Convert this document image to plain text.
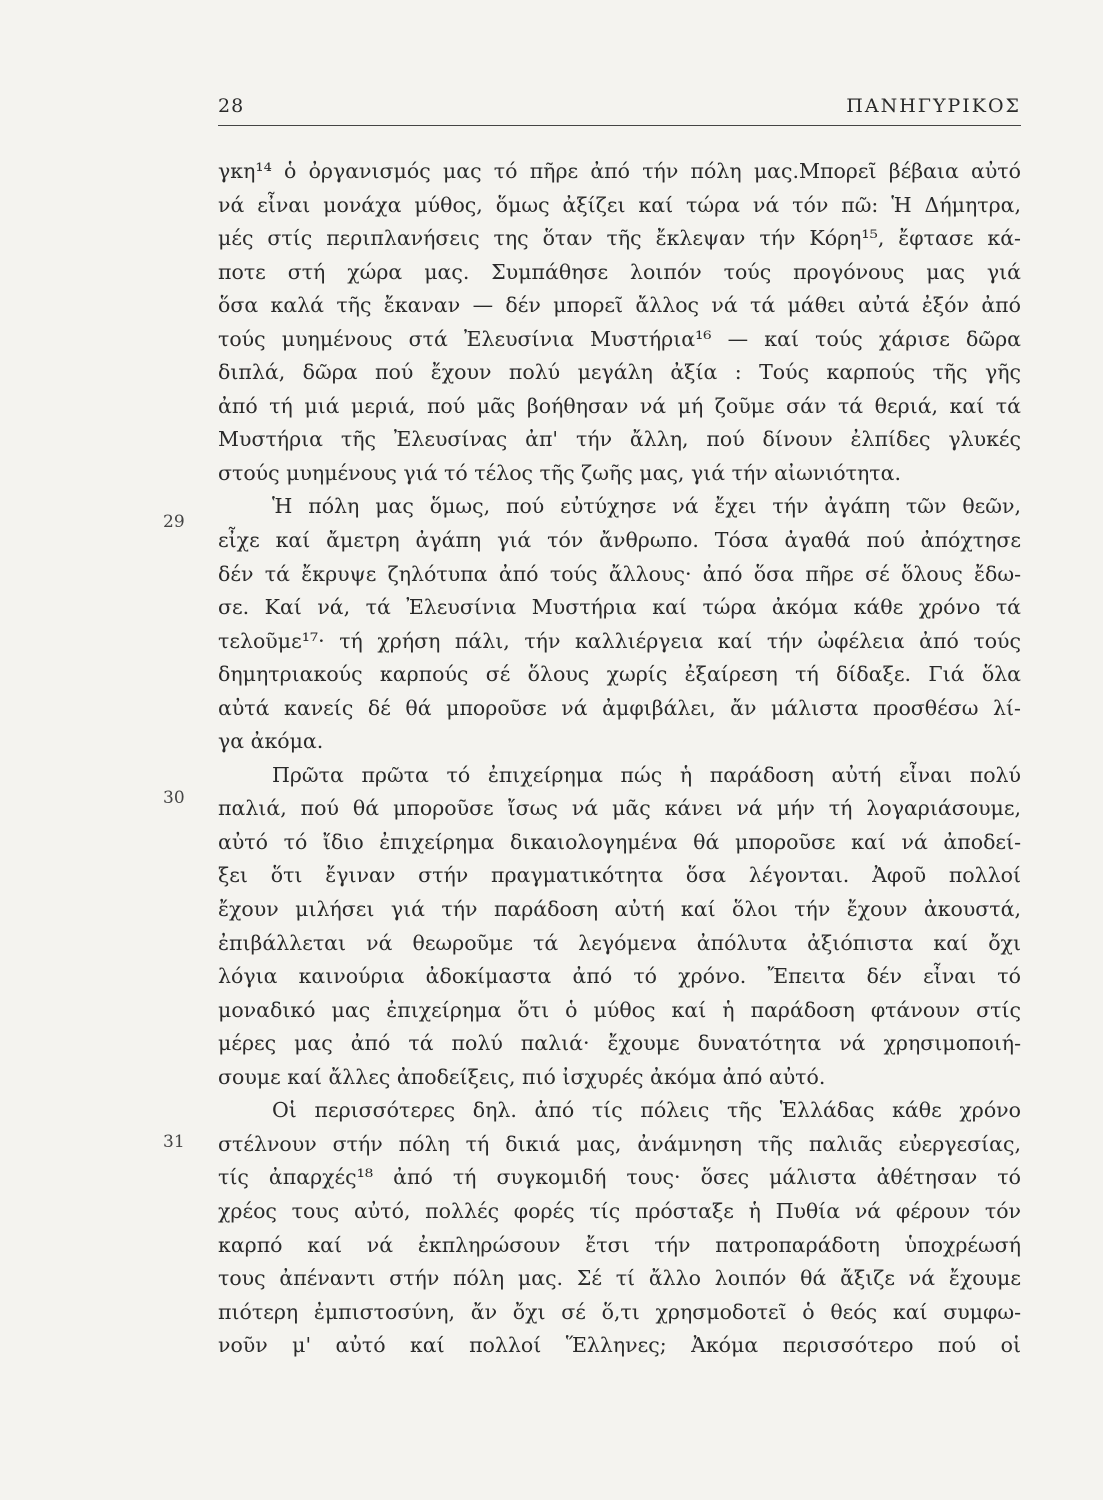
28	ΠΑΝΗΓΥΡΙΚΟΣ
29
30
31
γκη¹⁴ ὁ ὀργανισμός μας τό πῆρε ἀπό τήν πόλη μας.Μπορεῖ βέβαια αὐτό
νά εἶναι μονάχα μύθος, ὅμως ἀξίζει καί τώρα νά τόν πῶ: Ἡ Δήμητρα,
μές στίς περιπλανήσεις της ὅταν τῆς ἔκλεψαν τήν Κόρη¹⁵, ἔφτασε κά-
ποτε στή χώρα μας. Συμπάθησε λοιπόν τούς προγόνους μας γιά
ὅσα καλά τῆς ἔκαναν — δέν μπορεῖ ἄλλος νά τά μάθει αὐτά ἐξόν ἀπό
τούς μυημένους στά Ἐλευσίνια Μυστήρια¹⁶ — καί τούς χάρισε δῶρα
διπλά, δῶρα πού ἔχουν πολύ μεγάλη ἀξία : Τούς καρπούς τῆς γῆς
ἀπό τή μιά μεριά, πού μᾶς βοήθησαν νά μή ζοῦμε σάν τά θεριά, καί τά
Μυστήρια τῆς Ἐλευσίνας ἀπ' τήν ἄλλη, πού δίνουν ἐλπίδες γλυκές
στούς μυημένους γιά τό τέλος τῆς ζωῆς μας, γιά τήν αἰωνιότητα.
Ἡ πόλη μας ὅμως, πού εὐτύχησε νά ἔχει τήν ἀγάπη τῶν θεῶν,
εἶχε καί ἄμετρη ἀγάπη γιά τόν ἄνθρωπο. Τόσα ἀγαθά πού ἀπόχτησε
δέν τά ἔκρυψε ζηλότυπα ἀπό τούς ἄλλους· ἀπό ὅσα πῆρε σέ ὅλους ἔδω-
σε. Καί νά, τά Ἐλευσίνια Μυστήρια καί τώρα ἀκόμα κάθε χρόνο τά
τελοῦμε¹⁷· τή χρήση πάλι, τήν καλλιέργεια καί τήν ὠφέλεια ἀπό τούς
δημητριακούς καρπούς σέ ὅλους χωρίς ἐξαίρεση τή δίδαξε. Γιά ὅλα
αὐτά κανείς δέ θά μποροῦσε νά ἀμφιβάλει, ἄν μάλιστα προσθέσω λί-
γα ἀκόμα.
Πρῶτα πρῶτα τό ἐπιχείρημα πώς ἡ παράδοση αὐτή εἶναι πολύ
παλιά, πού θά μποροῦσε ἴσως νά μᾶς κάνει νά μήν τή λογαριάσουμε,
αὐτό τό ἴδιο ἐπιχείρημα δικαιολογημένα θά μποροῦσε καί νά ἀποδεί-
ξει ὅτι ἔγιναν στήν πραγματικότητα ὅσα λέγονται. Ἀφοῦ πολλοί
ἔχουν μιλήσει γιά τήν παράδοση αὐτή καί ὅλοι τήν ἔχουν ἀκουστά,
ἐπιβάλλεται νά θεωροῦμε τά λεγόμενα ἀπόλυτα ἀξιόπιστα καί ὄχι
λόγια καινούρια ἀδοκίμαστα ἀπό τό χρόνο. Ἔπειτα δέν εἶναι τό
μοναδικό μας ἐπιχείρημα ὅτι ὁ μύθος καί ἡ παράδοση φτάνουν στίς
μέρες μας ἀπό τά πολύ παλιά· ἔχουμε δυνατότητα νά χρησιμοποιή-
σουμε καί ἄλλες ἀποδείξεις, πιό ἰσχυρές ἀκόμα ἀπό αὐτό.
Οἱ περισσότερες δηλ. ἀπό τίς πόλεις τῆς Ἑλλάδας κάθε χρόνο
στέλνουν στήν πόλη τή δικιά μας, ἀνάμνηση τῆς παλιᾶς εὐεργεσίας,
τίς ἀπαρχές¹⁸ ἀπό τή συγκομιδή τους· ὅσες μάλιστα ἀθέτησαν τό
χρέος τους αὐτό, πολλές φορές τίς πρόσταξε ἡ Πυθία νά φέρουν τόν
καρπό καί νά ἐκπληρώσουν ἔτσι τήν πατροπαράδοτη ὑποχρέωσή
τους ἀπέναντι στήν πόλη μας. Σέ τί ἄλλο λοιπόν θά ἄξιζε νά ἔχουμε
πιότερη ἐμπιστοσύνη, ἄν ὄχι σέ ὅ,τι χρησμοδοτεῖ ὁ θεός καί συμφω-
νοῦν μ' αὐτό καί πολλοί Ἕλληνες; Ἀκόμα περισσότερο πού οἱ
